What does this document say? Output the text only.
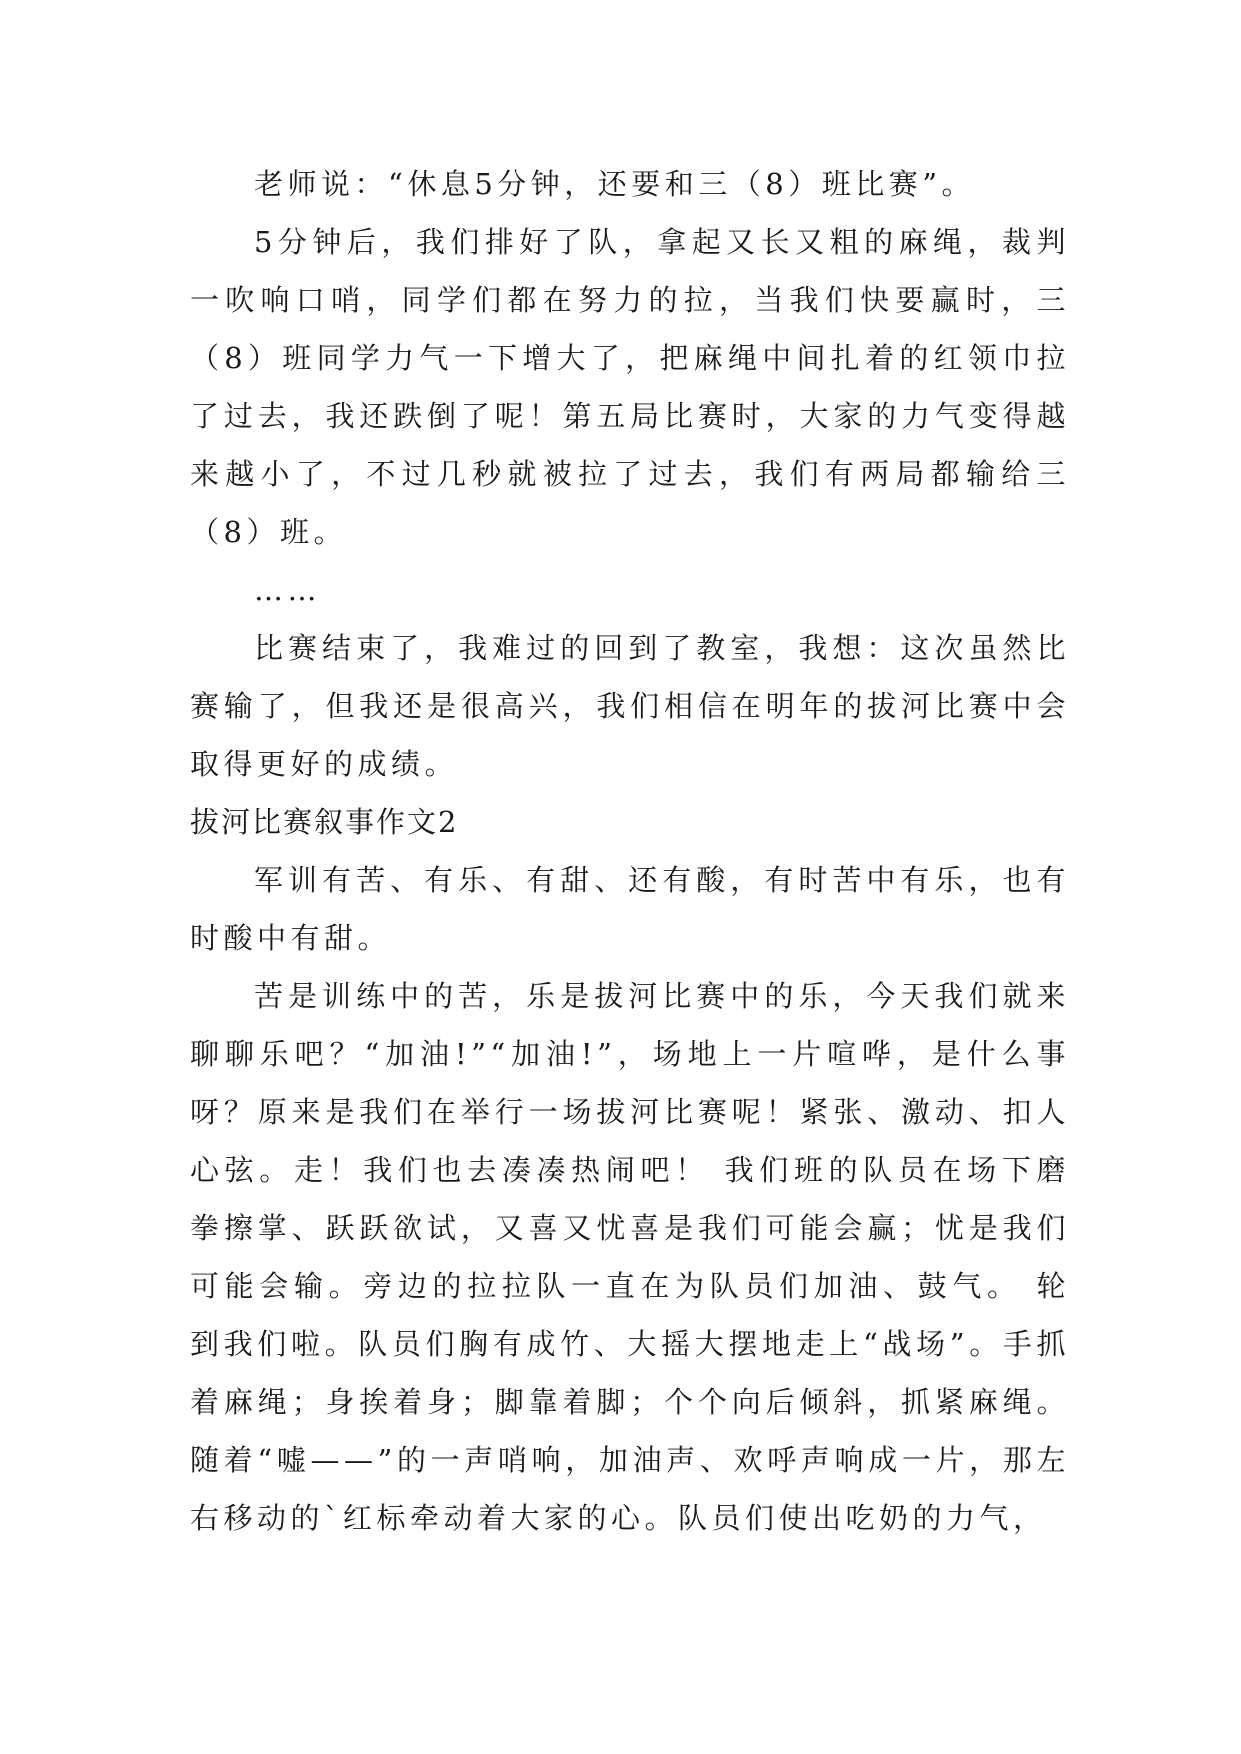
老师说：“休息5分钟，还要和三（8）班比赛”。

5分钟后，我们排好了队，拿起又长又粗的麻绳，裁判一吹响口哨，同学们都在努力的拉，当我们快要赢时，三（8）班同学力气一下增大了，把麻绳中间扎着的红领巾拉了过去，我还跌倒了呢！第五局比赛时，大家的力气变得越来越小了，不过几秒就被拉了过去，我们有两局都输给三（8）班。

……

比赛结束了，我难过的回到了教室，我想：这次虽然比赛输了，但我还是很高兴，我们相信在明年的拔河比赛中会取得更好的成绩。

拔河比赛叙事作文2

军训有苦、有乐、有甜、还有酸，有时苦中有乐，也有时酸中有甜。

苦是训练中的苦，乐是拔河比赛中的乐，今天我们就来聊聊乐吧？“加油!”“加油!”，场地上一片喧哗，是什么事呀？原来是我们在举行一场拔河比赛呢！紧张、激动、扣人心弦。走！我们也去凑凑热闹吧！ 我们班的队员在场下磨拳擦掌、跃跃欲试，又喜又忧喜是我们可能会赢；忧是我们可能会输。旁边的拉拉队一直在为队员们加油、鼓气。 轮到我们啦。队员们胸有成竹、大摇大摆地走上“战场”。手抓着麻绳；身挨着身；脚靠着脚；个个向后倾斜，抓紧麻绳。随着“嘘——”的一声哨响，加油声、欢呼声响成一片，那左右移动的`红标牵动着大家的心。队员们使出吃奶的力气，
